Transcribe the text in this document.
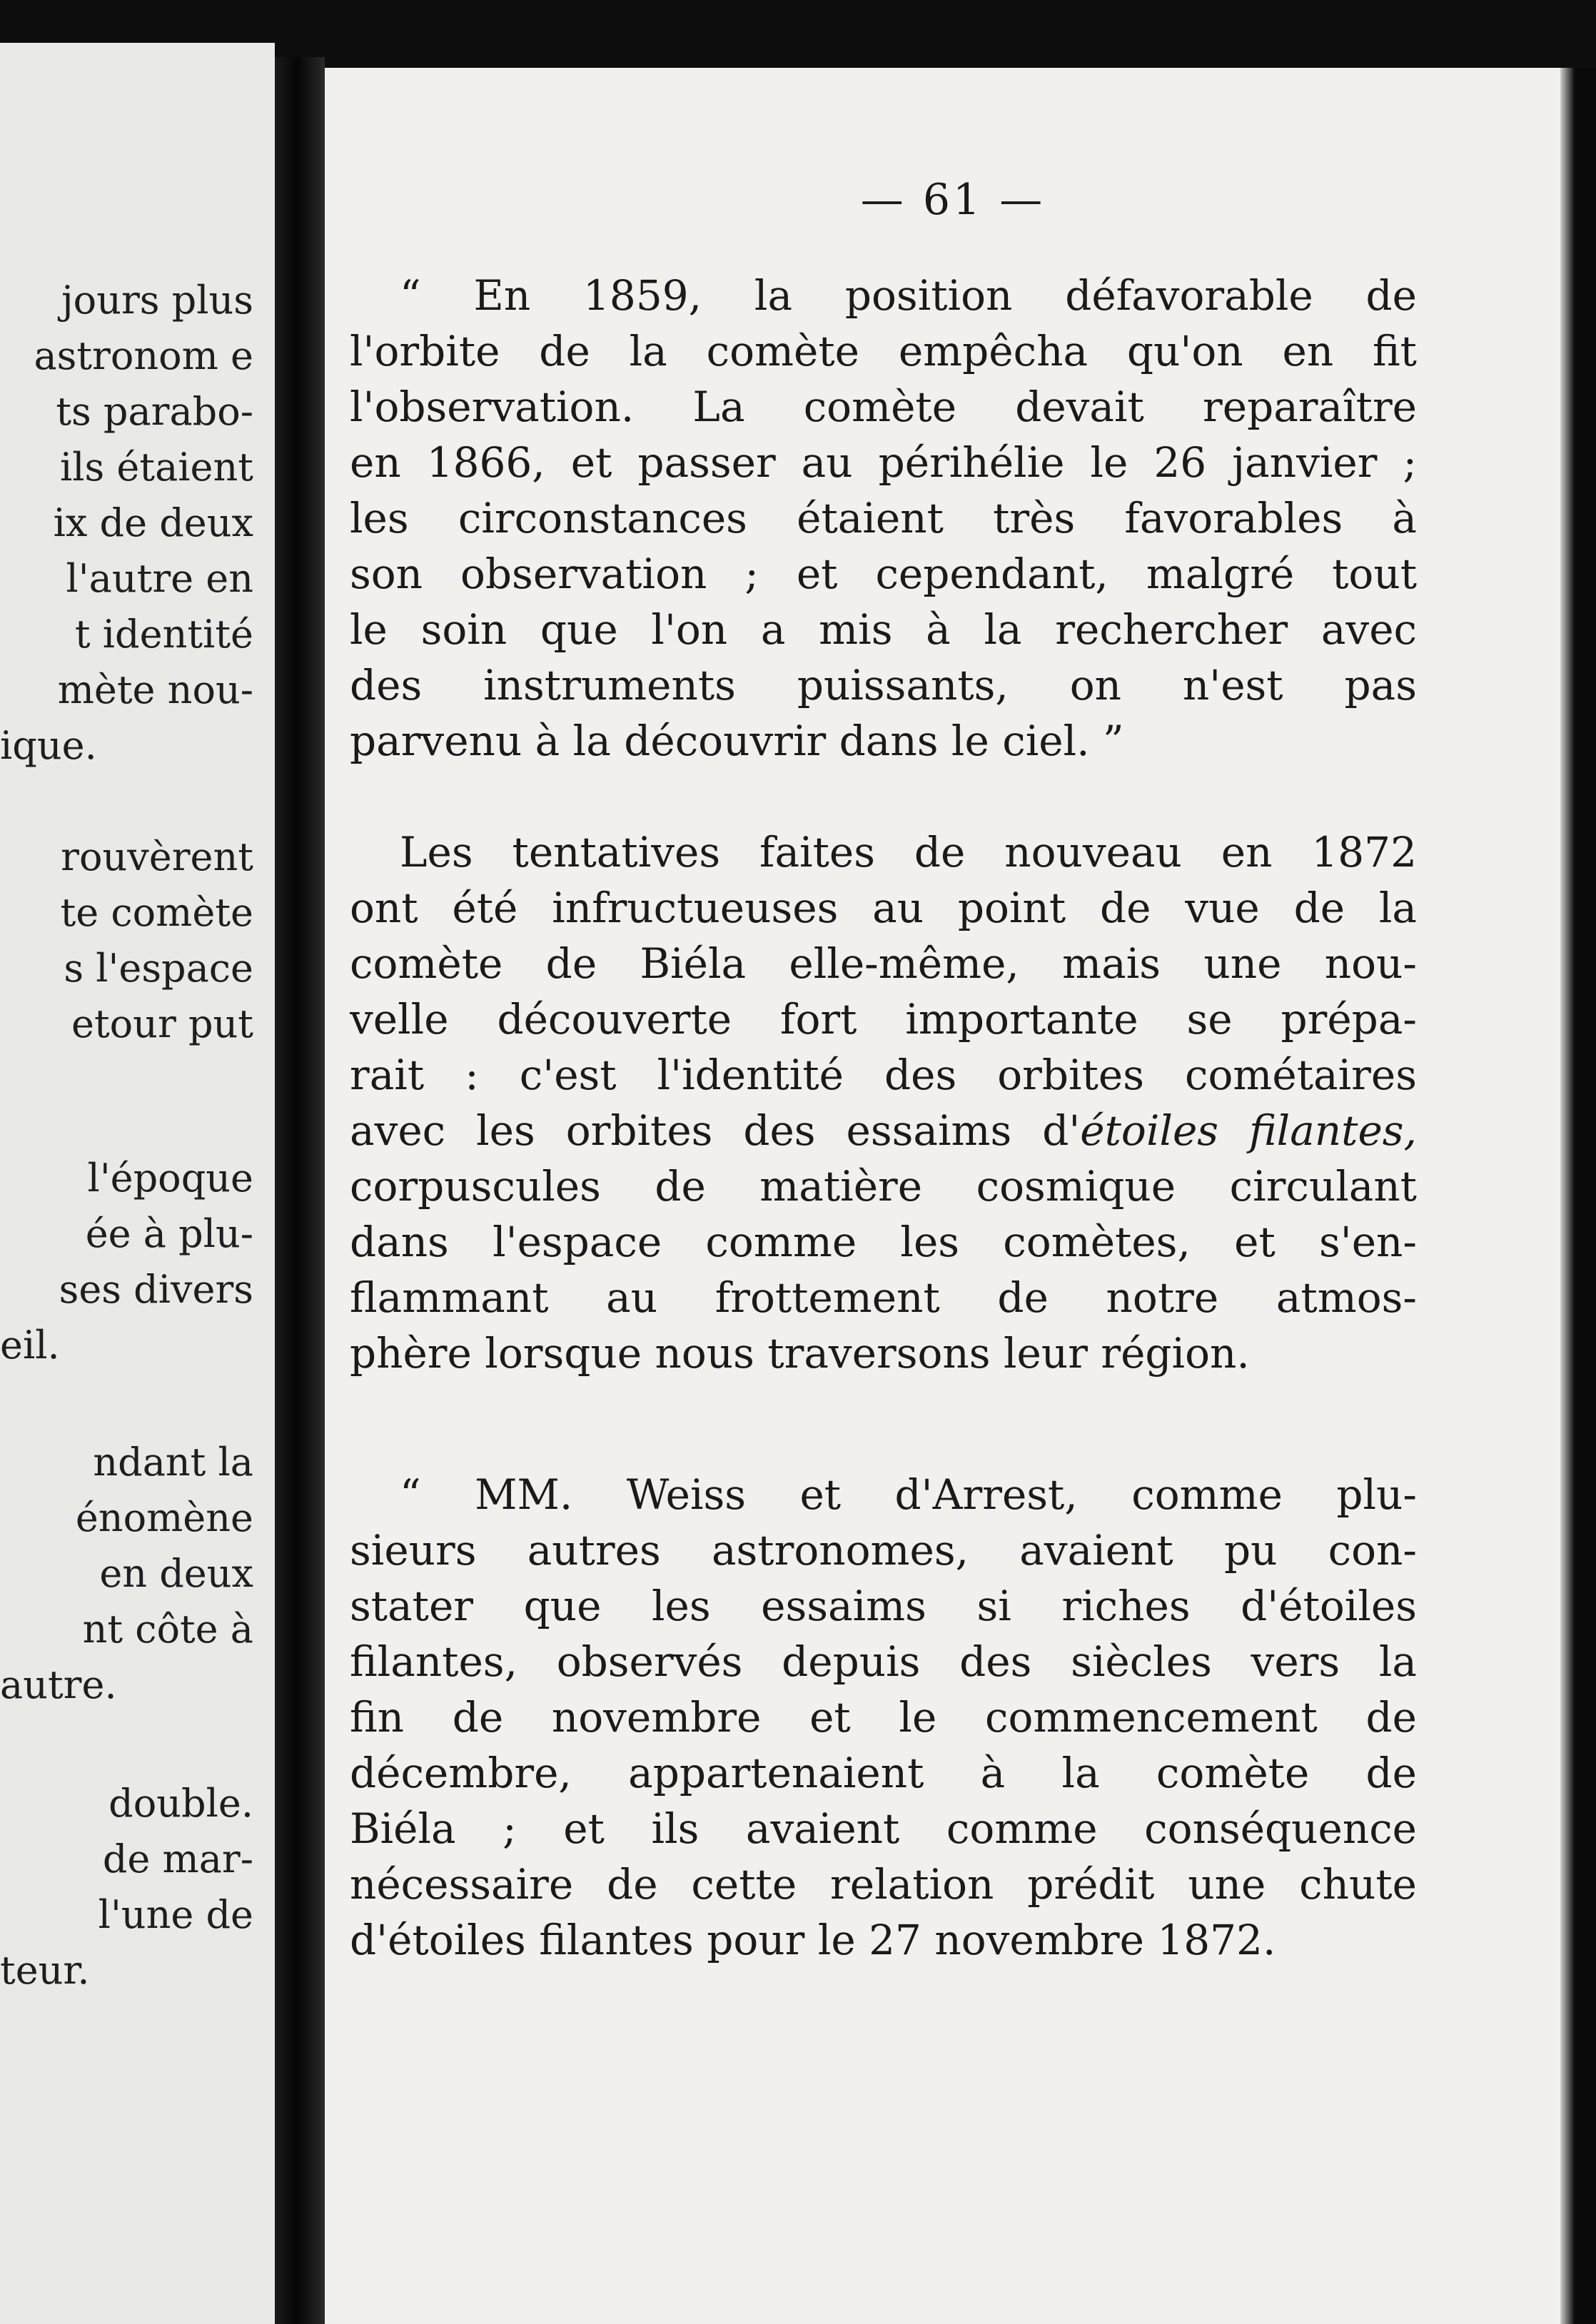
jours plus
astronom e
ts parabo-
ils étaient
ix de deux
l'autre en
t identité
mète nou-
ique.
rouvèrent
te comète
s l'espace
etour put
l'époque
ée à plu-
ses divers
eil.
ndant la
énomène
en deux
nt côte à
autre.
double.
de mar-
l'une de
teur.
— 61 —
“ En 1859, la position défavorable de
l'orbite de la comète empêcha qu'on en fit
l'observation. La comète devait reparaître
en 1866, et passer au périhélie le 26 janvier ;
les circonstances étaient très favorables à
son observation ; et cependant, malgré tout
le soin que l'on a mis à la rechercher avec
des instruments puissants, on n'est pas
parvenu à la découvrir dans le ciel. ”
Les tentatives faites de nouveau en 1872
ont été infructueuses au point de vue de la
comète de Biéla elle-même, mais une nou-
velle découverte fort importante se prépa-
rait : c'est l'identité des orbites cométaires
avec les orbites des essaims d'étoiles filantes,
corpuscules de matière cosmique circulant
dans l'espace comme les comètes, et s'en-
flammant au frottement de notre atmos-
phère lorsque nous traversons leur région.
“ MM. Weiss et d'Arrest, comme plu-
sieurs autres astronomes, avaient pu con-
stater que les essaims si riches d'étoiles
filantes, observés depuis des siècles vers la
fin de novembre et le commencement de
décembre, appartenaient à la comète de
Biéla ; et ils avaient comme conséquence
nécessaire de cette relation prédit une chute
d'étoiles filantes pour le 27 novembre 1872.
